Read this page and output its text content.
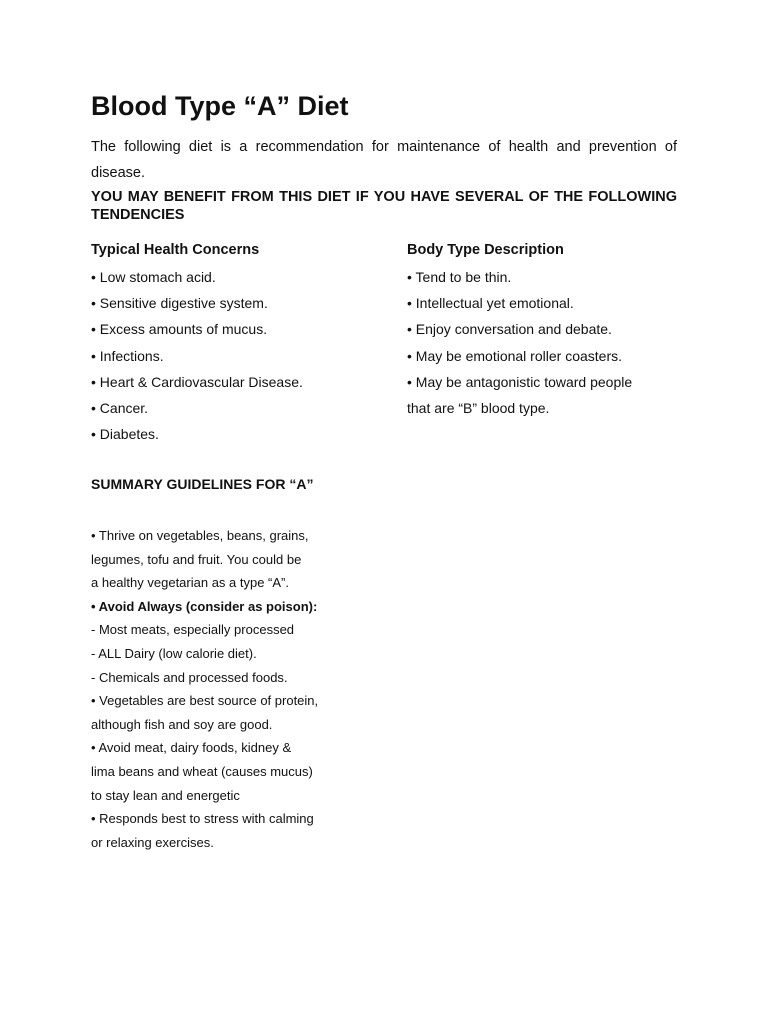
Blood Type “A” Diet

The following diet is a recommendation for maintenance of health and prevention of disease.

YOU MAY BENEFIT FROM THIS DIET IF YOU HAVE SEVERAL OF THE FOLLOWING TENDENCIES

Typical Health Concerns
• Low stomach acid.
• Sensitive digestive system.
• Excess amounts of mucus.
• Infections.
• Heart & Cardiovascular Disease.
• Cancer.
• Diabetes.
Body Type Description
• Tend to be thin.
• Intellectual yet emotional.
• Enjoy conversation and debate.
• May be emotional roller coasters.
• May be antagonistic toward people
that are “B” blood type.
SUMMARY GUIDELINES FOR “A”
• Thrive on vegetables, beans, grains,
legumes, tofu and fruit. You could be
a healthy vegetarian as a type “A”.
• Avoid Always (consider as poison):
- Most meats, especially processed
- ALL Dairy (low calorie diet).
- Chemicals and processed foods.
• Vegetables are best source of protein,
although fish and soy are good.
• Avoid meat, dairy foods, kidney &
lima beans and wheat (causes mucus)
to stay lean and energetic
• Responds best to stress with calming
or relaxing exercises.
